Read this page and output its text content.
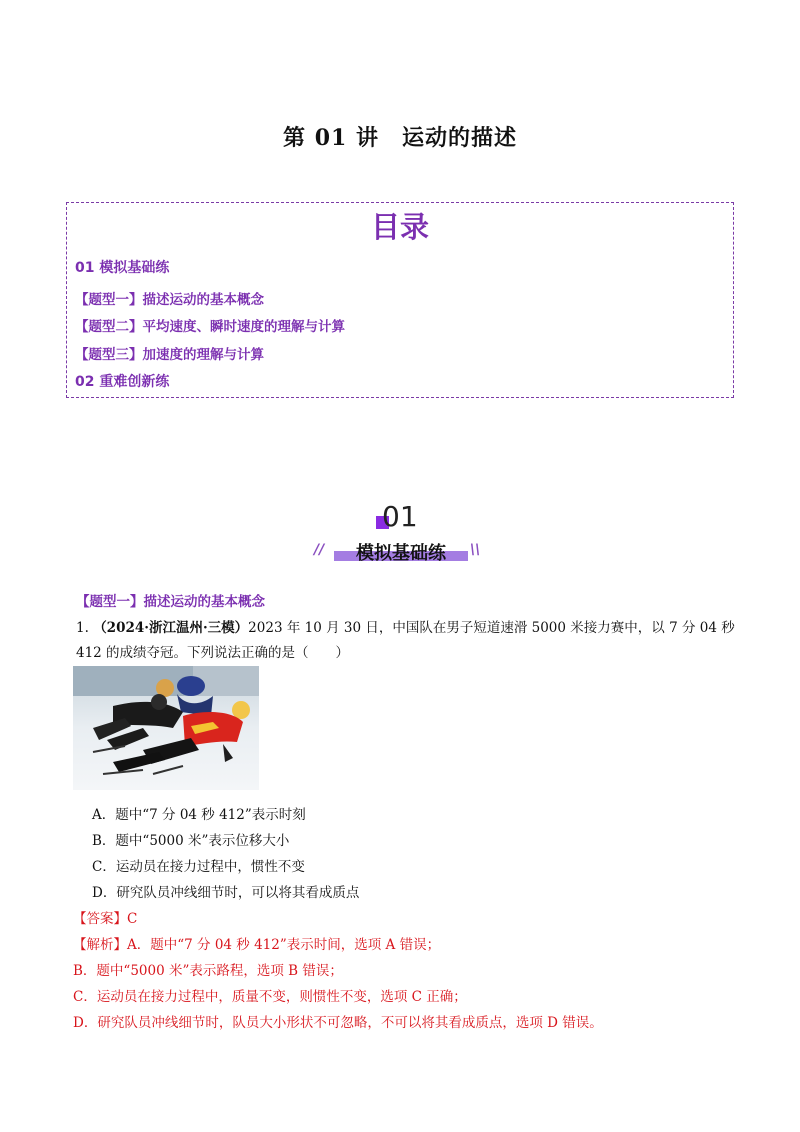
第 01 讲　运动的描述
目录
01 模拟基础练
【题型一】描述运动的基本概念
【题型二】平均速度、瞬时速度的理解与计算
【题型三】加速度的理解与计算
02 重难创新练
01
//	模拟基础练	\\
【题型一】描述运动的基本概念
1. （2024·浙江温州·三模）2023 年 10 月 30 日，中国队在男子短道速滑 5000 米接力赛中，以 7 分 04 秒
412 的成绩夺冠。下列说法正确的是（　　）
A．题中“7 分 04 秒 412”表示时刻
B．题中“5000 米”表示位移大小
C．运动员在接力过程中，惯性不变
D．研究队员冲线细节时，可以将其看成质点
【答案】C
【解析】A．题中“7 分 04 秒 412”表示时间，选项 A 错误；
B．题中“5000 米”表示路程，选项 B 错误；
C．运动员在接力过程中，质量不变，则惯性不变，选项 C 正确；
D．研究队员冲线细节时，队员大小形状不可忽略，不可以将其看成质点，选项 D 错误。
